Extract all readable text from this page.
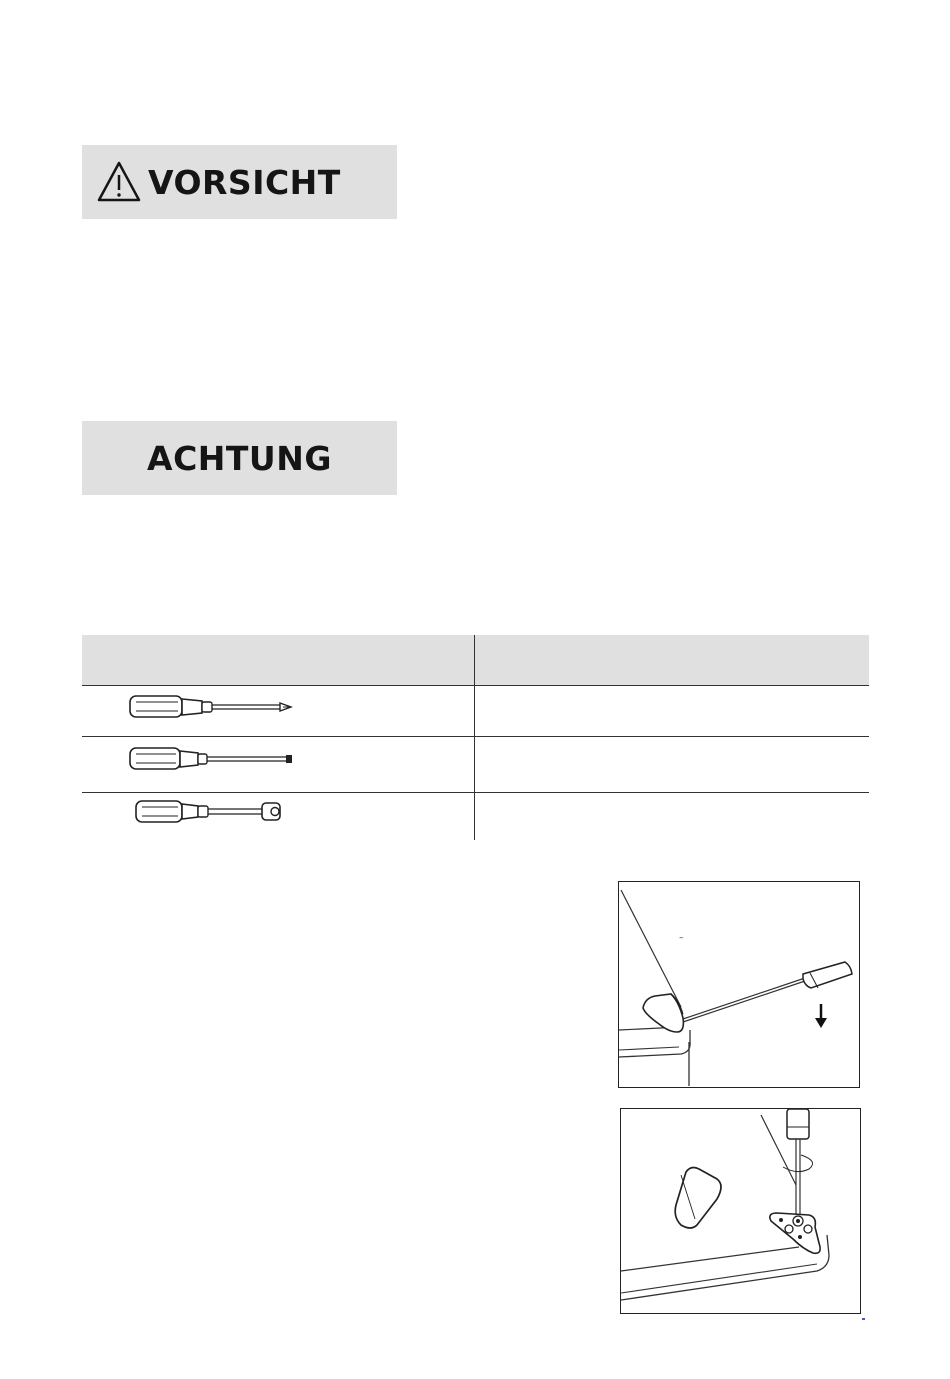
VORSICHT
ACHTUNG
–
